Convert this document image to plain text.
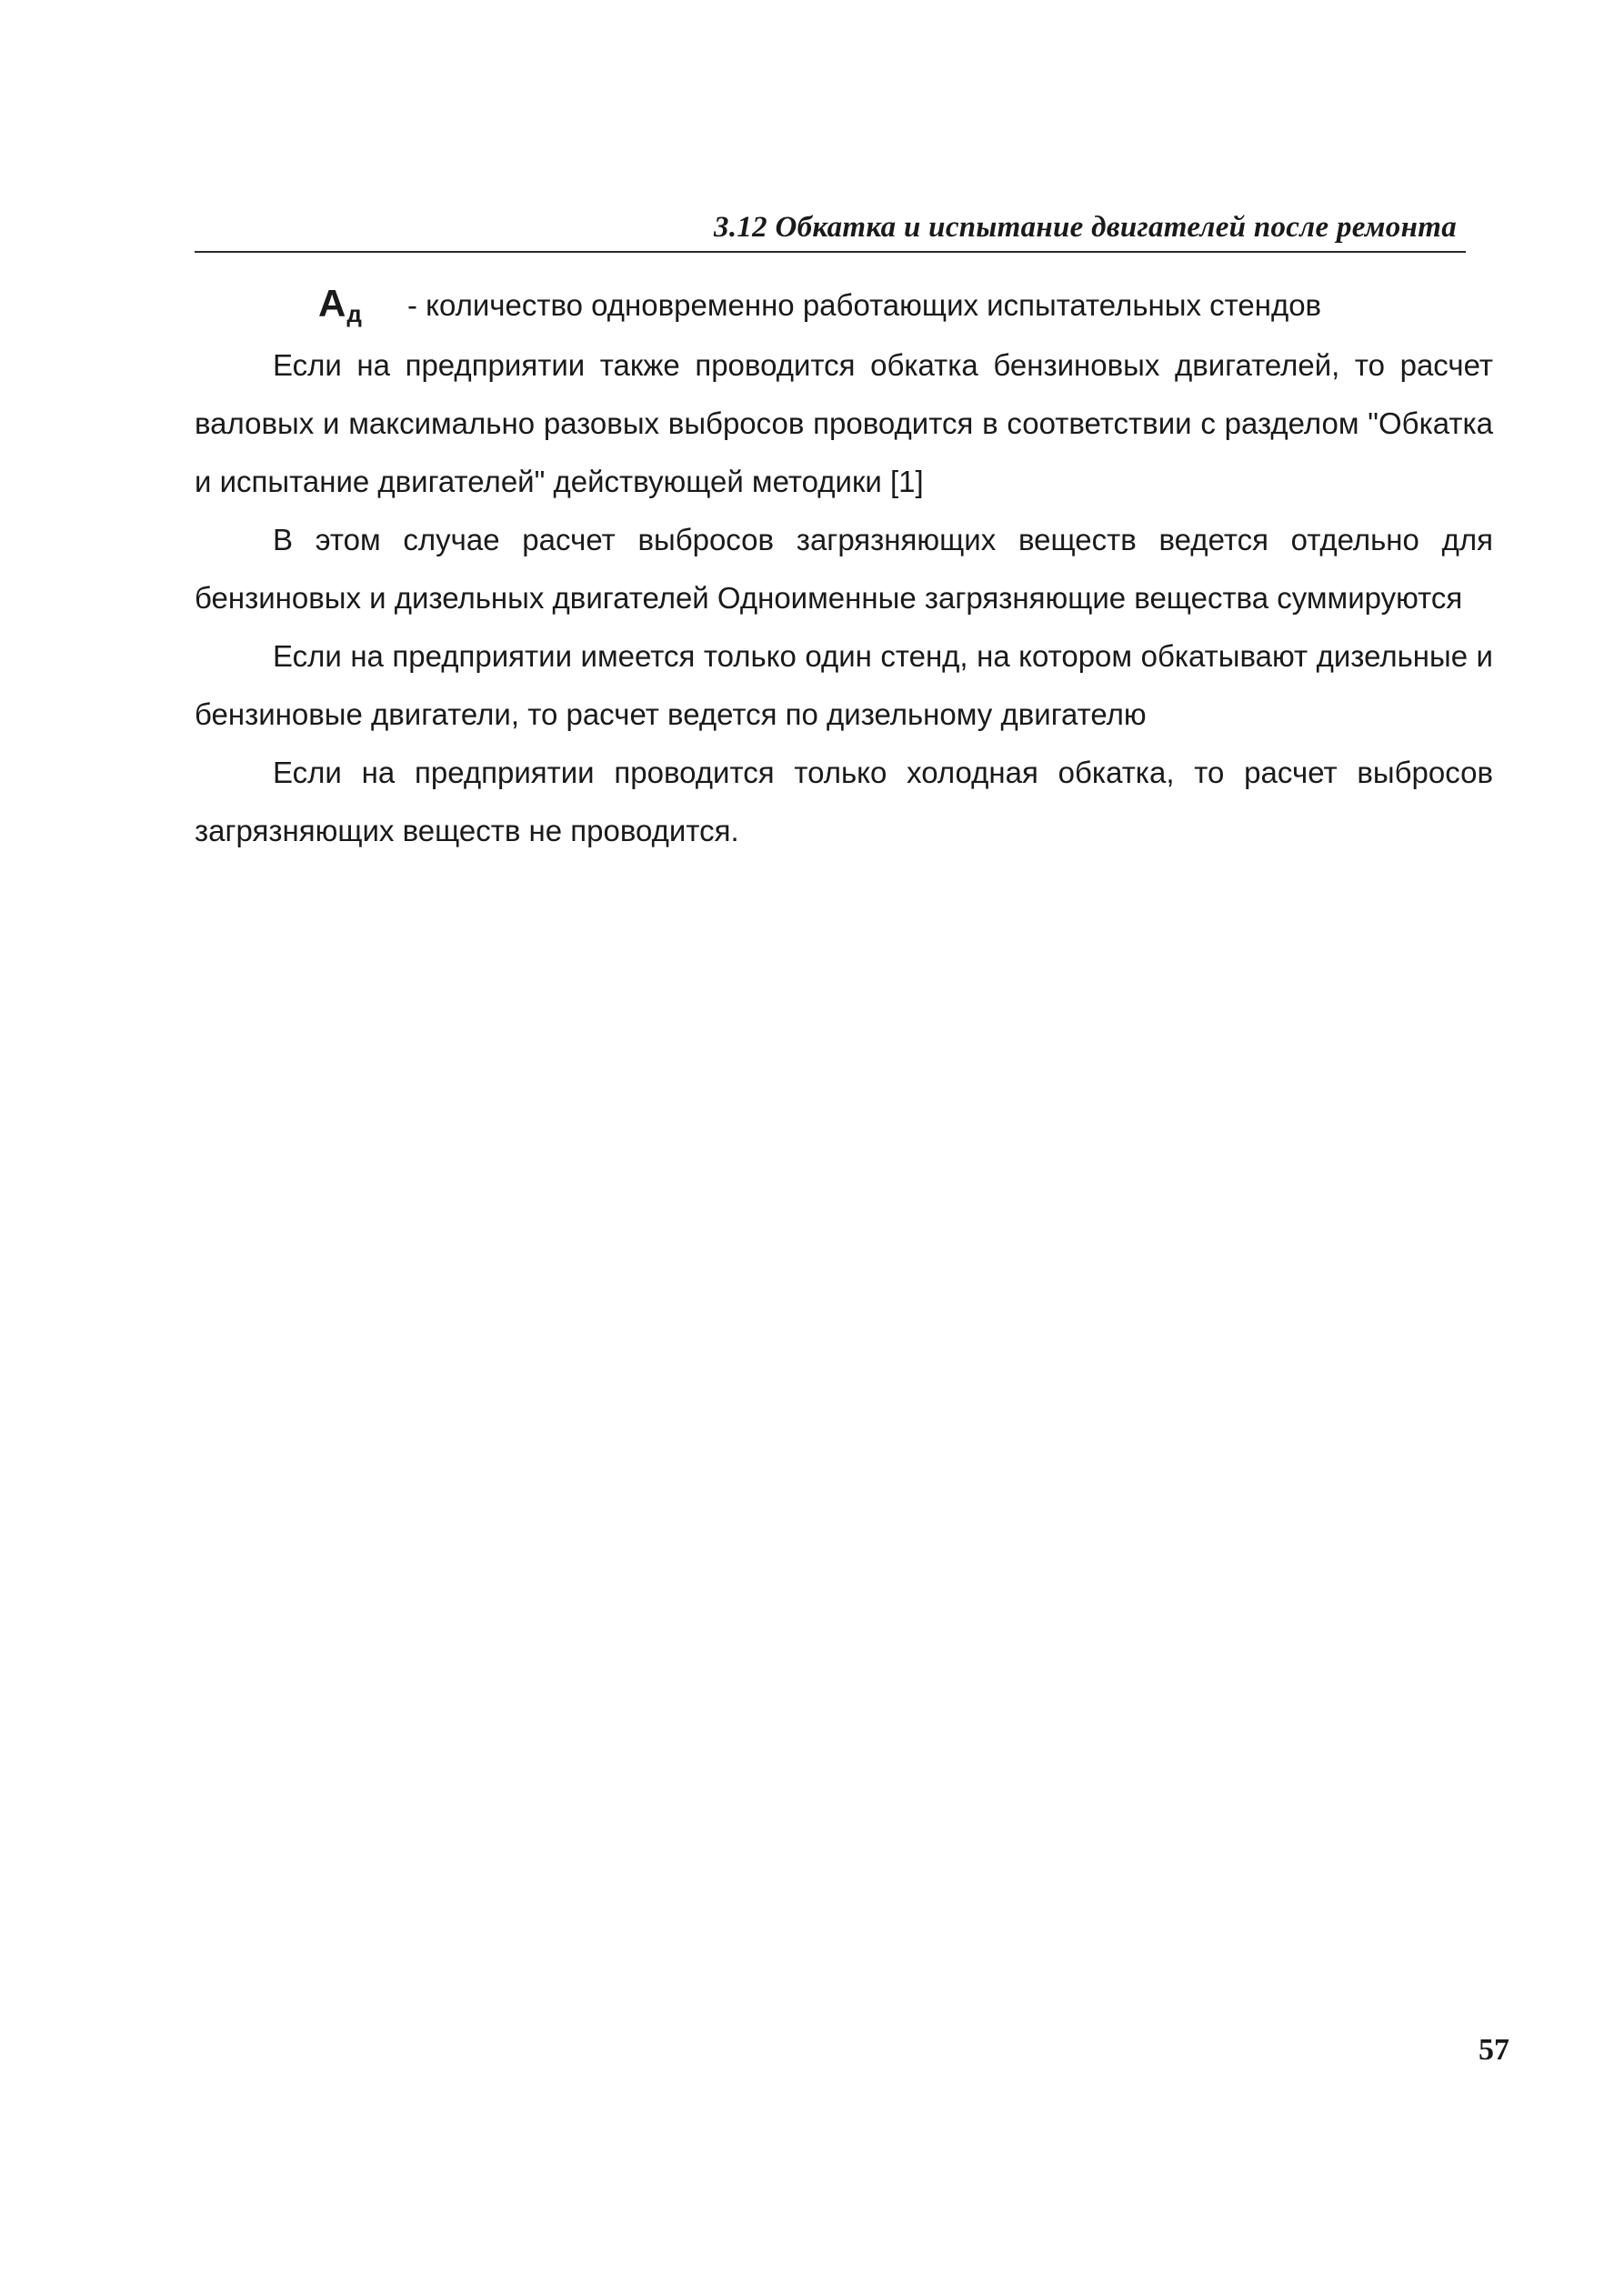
3.12 Обкатка и испытание двигателей после ремонта
Ад - количество одновременно работающих испытательных стендов

Если на предприятии также проводится обкатка бензиновых двигателей, то расчет валовых и максимально разовых выбросов проводится в соответствии с разделом "Обкатка и испытание двигателей" действующей методики [1]

В этом случае расчет выбросов загрязняющих веществ ведется отдельно для бензиновых и дизельных двигателей Одноименные загрязняющие вещества суммируются

Если на предприятии имеется только один стенд, на котором обкатывают дизельные и бензиновые двигатели, то расчет ведется по дизельному двигателю

Если на предприятии проводится только холодная обкатка, то расчет выбросов загрязняющих веществ не проводится.

57
